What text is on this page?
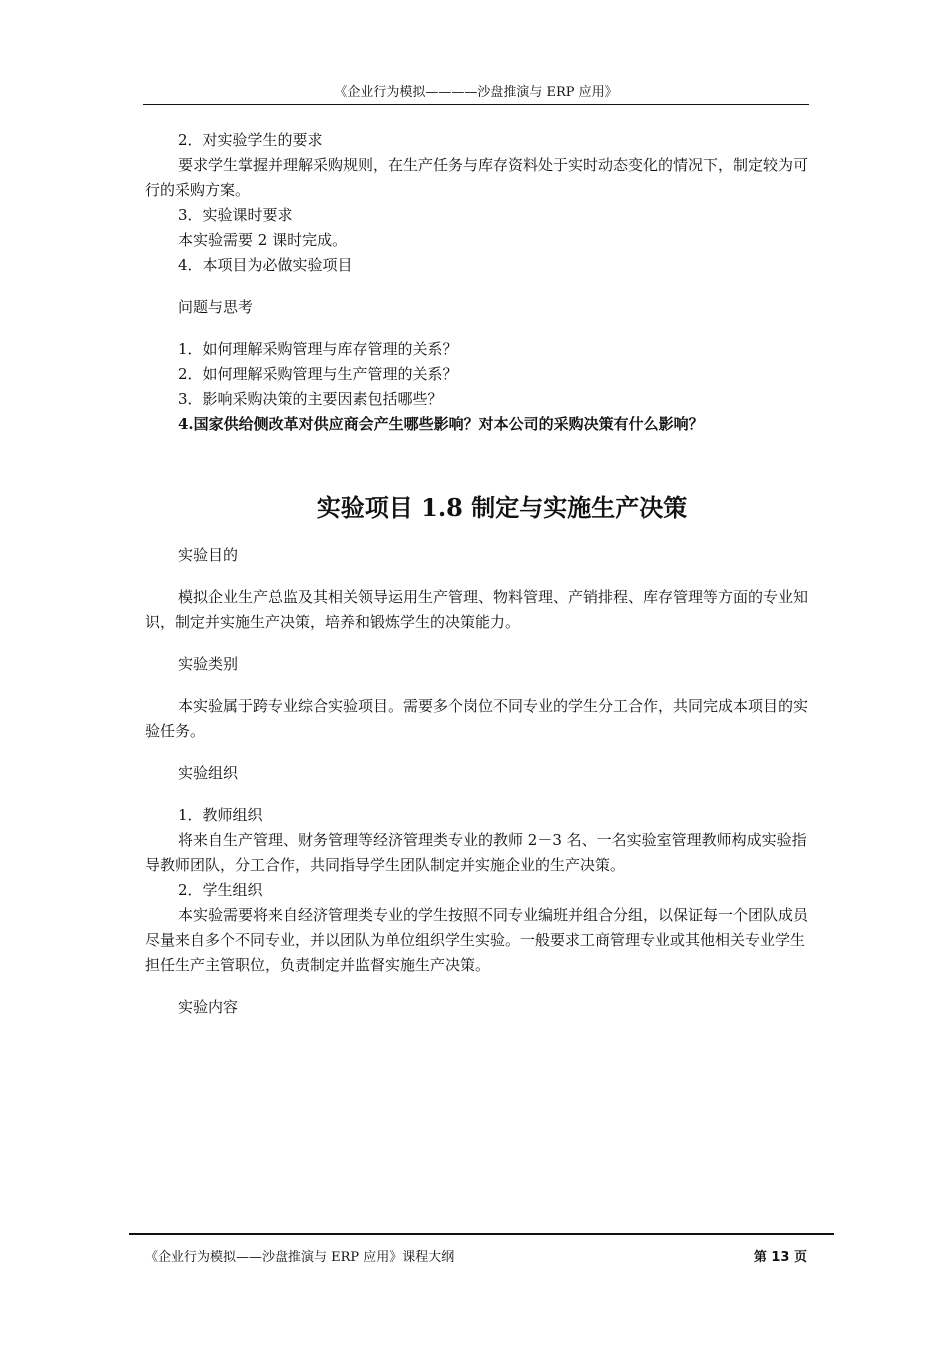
《企业行为模拟————沙盘推演与 ERP 应用》

2．对实验学生的要求

要求学生掌握并理解采购规则，在生产任务与库存资料处于实时动态变化的情况下，制定较为可行的采购方案。

3．实验课时要求

本实验需要 2 课时完成。

4．本项目为必做实验项目

问题与思考

1．如何理解采购管理与库存管理的关系？

2．如何理解采购管理与生产管理的关系？

3．影响采购决策的主要因素包括哪些？

4.国家供给侧改革对供应商会产生哪些影响？对本公司的采购决策有什么影响？

实验项目 1.8 制定与实施生产决策

实验目的

模拟企业生产总监及其相关领导运用生产管理、物料管理、产销排程、库存管理等方面的专业知识，制定并实施生产决策，培养和锻炼学生的决策能力。

实验类别

本实验属于跨专业综合实验项目。需要多个岗位不同专业的学生分工合作，共同完成本项目的实验任务。

实验组织

1．教师组织

将来自生产管理、财务管理等经济管理类专业的教师 2－3 名、一名实验室管理教师构成实验指导教师团队，分工合作，共同指导学生团队制定并实施企业的生产决策。

2．学生组织

本实验需要将来自经济管理类专业的学生按照不同专业编班并组合分组，以保证每一个团队成员尽量来自多个不同专业，并以团队为单位组织学生实验。一般要求工商管理专业或其他相关专业学生担任生产主管职位，负责制定并监督实施生产决策。

实验内容

《企业行为模拟——沙盘推演与 ERP 应用》课程大纲	第 13 页
